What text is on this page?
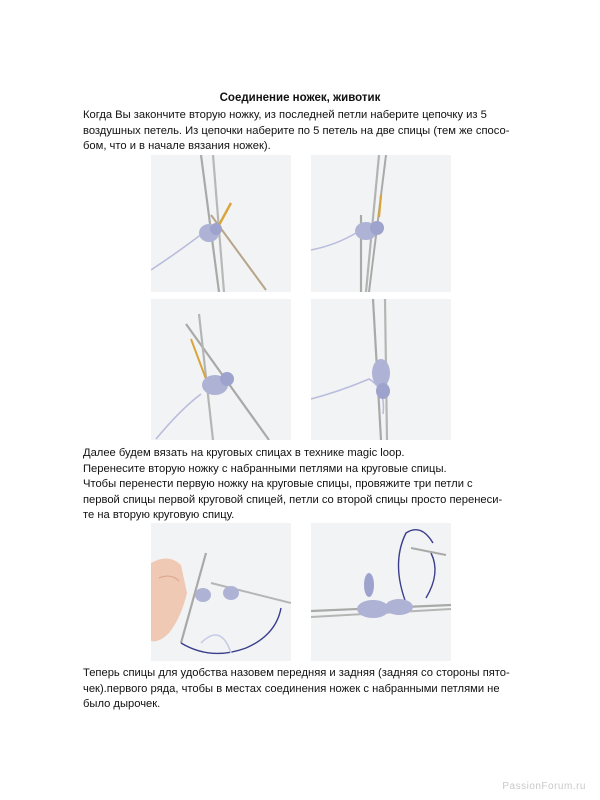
Соединение ножек, животик

Когда Вы закончите вторую ножку, из последней петли наберите цепочку из 5

воздушных петель. Из цепочки наберите по 5 петель на две спицы (тем же спосо-

бом, что и в начале вязания ножек).

Далее будем вязать на круговых спицах в технике magic loop.

Перенесите вторую ножку с набранными петлями на круговые спицы.

Чтобы перенести первую ножку на круговые спицы, провяжите три петли с

первой спицы первой круговой спицей, петли со второй спицы просто перенеси-

те на вторую круговую спицу.

Теперь спицы для удобства назовем передняя и задняя (задняя со стороны пято-

чек).первого ряда, чтобы в местах соединения ножек с набранными петлями не

было дырочек.

PassionForum.ru
